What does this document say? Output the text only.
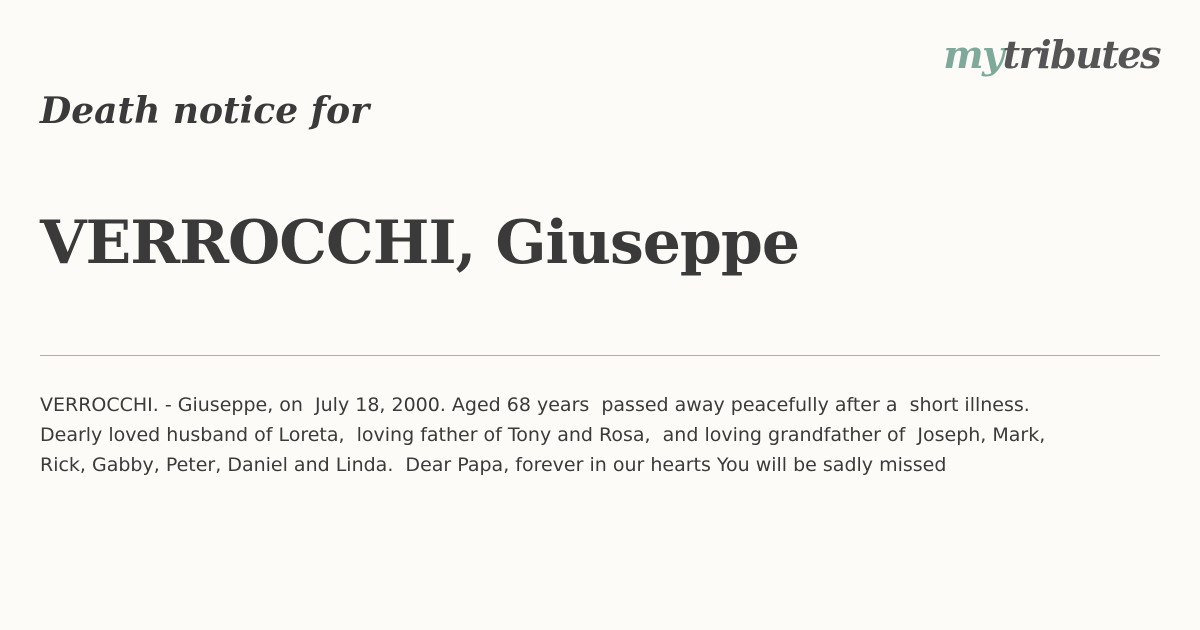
mytributes
Death notice for
VERROCCHI, Giuseppe

VERROCCHI. - Giuseppe, on  July 18, 2000. Aged 68 years  passed away peacefully after a  short illness.
Dearly loved husband of Loreta,  loving father of Tony and Rosa,  and loving grandfather of  Joseph, Mark,
Rick, Gabby, Peter, Daniel and Linda.  Dear Papa, forever in our hearts You will be sadly missed
